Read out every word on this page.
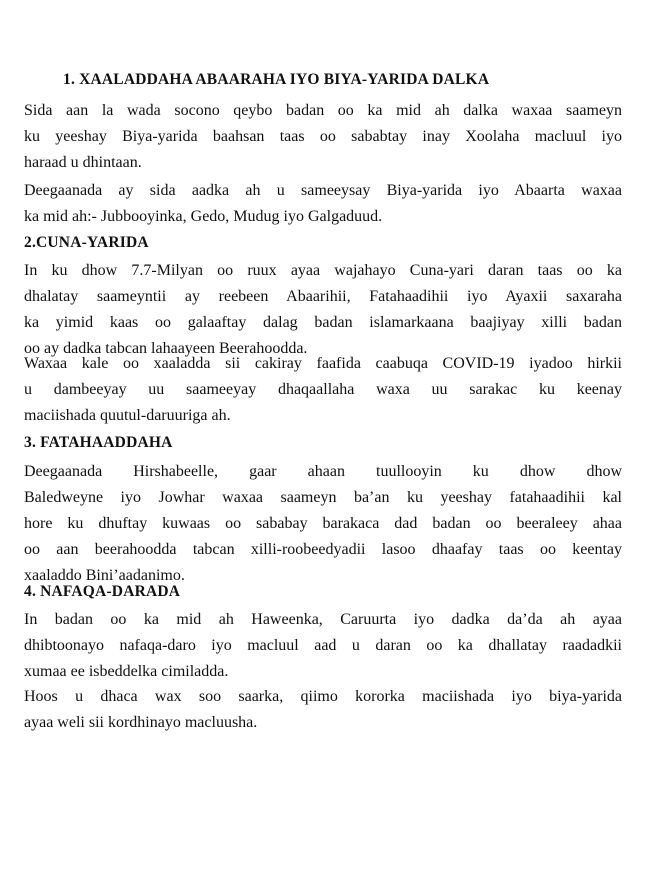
1. XAALADDAHA ABAARAHA IYO BIYA-YARIDA DALKA
Sida aan la wada socono qeybo badan oo ka mid ah dalka waxaa saameyn
ku yeeshay Biya-yarida baahsan taas oo sababtay inay Xoolaha macluul iyo
haraad u dhintaan.
Deegaanada ay sida aadka ah u sameeysay Biya-yarida iyo Abaarta waxaa
ka mid ah:- Jubbooyinka, Gedo, Mudug iyo Galgaduud.
2.CUNA-YARIDA
In ku dhow 7.7-Milyan oo ruux ayaa wajahayo Cuna-yari daran taas oo ka
dhalatay saameyntii ay reebeen Abaarihii, Fatahaadihii iyo Ayaxii saxaraha
ka yimid kaas oo galaaftay dalag badan islamarkaana baajiyay xilli badan
oo ay dadka tabcan lahaayeen Beerahoodda.
Waxaa kale oo xaaladda sii cakiray faafida caabuqa COVID-19 iyadoo hirkii
u dambeeyay uu saameeyay dhaqaallaha waxa uu sarakac ku keenay
maciishada quutul-daruuriga ah.
3. FATAHAADDAHA
Deegaanada Hirshabeelle, gaar ahaan tuullooyin ku dhow dhow
Baledweyne iyo Jowhar waxaa saameyn ba’an ku yeeshay fatahaadihii kal
hore ku dhuftay kuwaas oo sababay barakaca dad badan oo beeraleey ahaa
oo aan beerahoodda tabcan xilli-roobeedyadii lasoo dhaafay taas oo keentay
xaaladdo Bini’aadanimo.
4. NAFAQA-DARADA
In badan oo ka mid ah Haweenka, Caruurta iyo dadka da’da ah ayaa
dhibtoonayo nafaqa-daro iyo macluul aad u daran oo ka dhallatay raadadkii
xumaa ee isbeddelka cimiladda.
Hoos u dhaca wax soo saarka, qiimo kororka maciishada iyo biya-yarida
ayaa weli sii kordhinayo macluusha.
